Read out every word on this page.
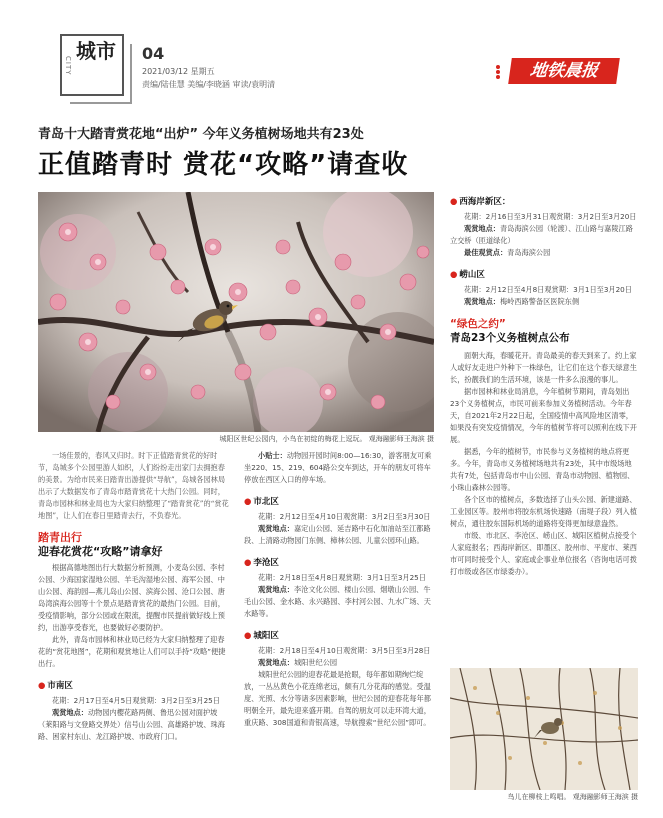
城市
CITY
04
2021/03/12 星期五
责编/陆佳慧 美编/李晓涵 审读/袁明清
地铁晨报
青岛十大踏青赏花地“出炉” 今年义务植树场地共有23处
正值踏青时 赏花“攻略”请查收
城阳区世纪公园内，小鸟在初绽的梅花上逗玩。 观海融影师王海滨 摄
一场佳景的，春风又归时。时下正值踏青赏花的好时节，岛城多个公园里游人如织，人们纷纷走出家门去拥抱春的美景。为给市民来日踏青出游提供“导航”，岛城各园林局出示了大数据发布了青岛市踏青赏花十大热门公园。同时，青岛市园林和林业局也为大家归纳整理了“踏青赏花”的“赏花地图”，让人们在春日里踏青去行，不负春光。
踏青出行
迎春花赏花“攻略”请拿好

根据高德地图出行大数据分析预测，小麦岛公园、李村公园、少海国家湿地公园、羊毛沟湿地公园、海军公园、中山公园、海韵园—燕儿岛山公园、滨海公园、沧口公园、唐岛湾滨海公园等十个景点是踏青赏花的最热门公园。目前，受疫情影响，部分公园或在限流，提醒市民提前做好线上预约，出游享受春光，也要做好必要防护。

此外，青岛市园林和林业局已经为大家归纳整理了迎春花的“赏花地图”，花期和观赏地让人们可以手持“攻略”便捷出行。

● 市南区

花期：2月17日至4月5日观赏期：3月2日至3月25日

观赏地点：动物园内樱花路两侧、鲁迅公园对面护坡（莱阳路与文登路交界处）信号山公园、高雄路护坡、珠海路、困家村东山、龙江路护坡、市政府门口。

小贴士：动物园开园时间8:00—16:30，游客朋友可乘坐220、15、219、604路公交车到达，开车的朋友可将车停放在西区入口的停车场。

● 市北区

花期：2月12日至4月10日观赏期：3月2日至3月30日

观赏地点：嘉定山公园、延吉路中石化加油站至江都路段、上清路动物园门东侧、樟林公园、儿童公园环山路。

● 李沧区

花期：2月18日至4月8日观赏期：3月1日至3月25日

观赏地点：李沧文化公园、楼山公园、烟墩山公园、牛毛山公园、金水路、永兴路园、李村河公园、九水广场、天水路等。

● 城阳区

花期：2月18日至4月10日观赏期：3月5日至3月28日

观赏地点：城阳世纪公园

城阳世纪公园的迎春花最是抢眼，每年都如期绚烂绽放，一丛丛黄色小花连绵老远，颇有几分花海的感觉。受温度、光照、水分等诸多因素影响，世纪公园的迎春花每年都明朝全开，最先迎来盛开期。自驾的朋友可以走环湾大道，重庆路、308国道和青银高速，导航搜索“世纪公园”即可。

● 西海岸新区：

花期：2月16日至3月31日观赏期：3月2日至3月20日

观赏地点：青岛海滨公园（轮渡）、江山路与嘉陵江路立交桥（匝道绿化）

最佳观赏点：青岛海滨公园

● 崂山区

花期：2月12日至4月8日观赏期：3月1日至3月20日

观赏地点：梅岭西路警备区医院东侧

“绿色之约”
青岛23个义务植树点公布

面朝大海，春暖花开。青岛最美的春天到来了。约上家人或好友走进户外种下一株绿色，让它们在这个春天绿意生长，扮靓我们的生活环境，该是一件多么浪漫的事儿。

据市园林和林业局消息，今年植树节期间，青岛划出23个义务植树点，市民可前来参加义务植树活动。今年春天，自2021年2月22日起，全国疫情中高风险地区清零，如果没有突发疫情情况，今年的植树节将可以照利在线下开展。

据悉，今年的植树节，市民参与义务植树的地点将更多。今年，青岛市义务植树场地共有23处，其中市级场地共有7处，包括青岛市中山公园、青岛市动物园、植物园、小珠山森林公园等。

各个区市的植树点，多数选择了山头公园、新建道路、工业园区等。胶州市将胶东机场快速路（南堤子段）列入植树点，通往胶东国际机场的道路将变得更加绿意盎然。

市级、市北区、李沧区、崂山区、城阳区植树点接受个人家庭报名；西海岸新区、即墨区、胶州市、平度市、莱西市可同时接受个人、家庭或企事业单位报名（咨询电话可拨打市级或各区市绿委办）。

鸟儿在柳枝上鸣唱。 观海融影师王海滨 摄
